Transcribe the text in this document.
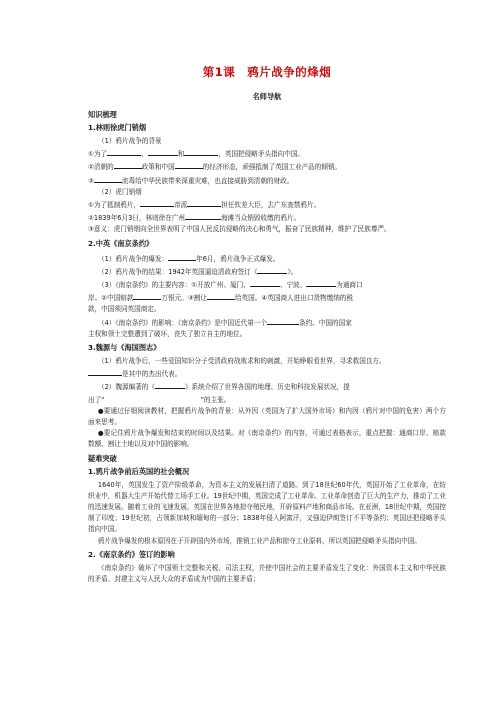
第1课　鸦片战争的烽烟
名师导航
知识梳理
1.林则徐虎门销烟

（1）鸦片战争的背景

①为了	、	和	，英国把侵略矛头指向中国。

②清朝的	政策和中国	的经济形态，顽强抵制了英国工业产品的倾销。

③	流毒给中华民族带来深重灾难，也直接威胁到清朝的财政。

（2）虎门销烟

①为了抵制鸦片，	帝派	担任钦差大臣，去广东查禁鸦片。

②1839年6月3日，林则徐在广州	海滩当众销毁收缴的鸦片。

③意义：虎门销烟向全世界表明了中国人民反抗侵略的决心和勇气，振奋了民族精神，维护了民族尊严。

2.中英《南京条约》

（1）鸦片战争的爆发：	年6月，鸦片战争正式爆发。

（2）鸦片战争的结果：1942年英国逼迫清政府签订《	》。

（3）《南京条约》的主要内容：①开放广州、厦门、	、宁波、	为通商口

岸。②中国赔款	万银元。③割让	给英国。④英国商人进出口货物缴纳的税

款，中国须同英国商定。

（4）《南京条约》的影响：《南京条约》是中国近代第一个	条约。中国的国家

主权和领土完整遭到了破坏，丧失了独立自主的地位。

3.魏源与《海国图志》

（1）鸦片战争后，一些爱国知识分子受清政府战败求和的刺激，开始睁眼看世界，寻求救国良方。

是其中的杰出代表。

（2）魏源编著的《	》系统介绍了世界各国的地理、历史和科技发展状况，提

出了“	”的主张。

●要通过仔细阅读教材，把握鸦片战争的背景：从外因（英国为了扩大国外市场）和内因（鸦片对中国的危害）两个方面来思考。

●要记住鸦片战争爆发和结束的时间以及结果。对《南京条约》的内容，可通过表格表示，重点把握：通商口岸、赔款数额、割让土地以及对中国的影响。

疑难突破
1.鸦片战争前后英国的社会概况

1640年，英国发生了资产阶级革命，为资本主义的发展扫清了道路。到了18世纪60年代，英国开始了工业革命，在纺织业中，机器大生产开始代替工场手工业。19世纪中期，英国完成了工业革命。工业革命创造了巨大的生产力，推动了工业的迅速发展。随着工业的飞速发展，英国在世界各地掠夺殖民地，开辟原料产地和商品市场。在亚洲，18世纪中期，英国控制了印度；19世纪初，占领新加坡和缅甸的一部分；1838年侵入阿富汗，又强迫伊朗签订不平等条约；英国还把侵略矛头指向中国。

鸦片战争爆发的根本原因在于开辟国内外市场，推销工业产品和掠夺工业原料，所以英国把侵略矛头指向中国。

2.《南京条约》签订的影响

《南京条约》破坏了中国领土完整和关税、司法主权，并使中国社会的主要矛盾发生了变化：外国资本主义和中华民族的矛盾、封建主义与人民大众的矛盾成为中国的主要矛盾；
